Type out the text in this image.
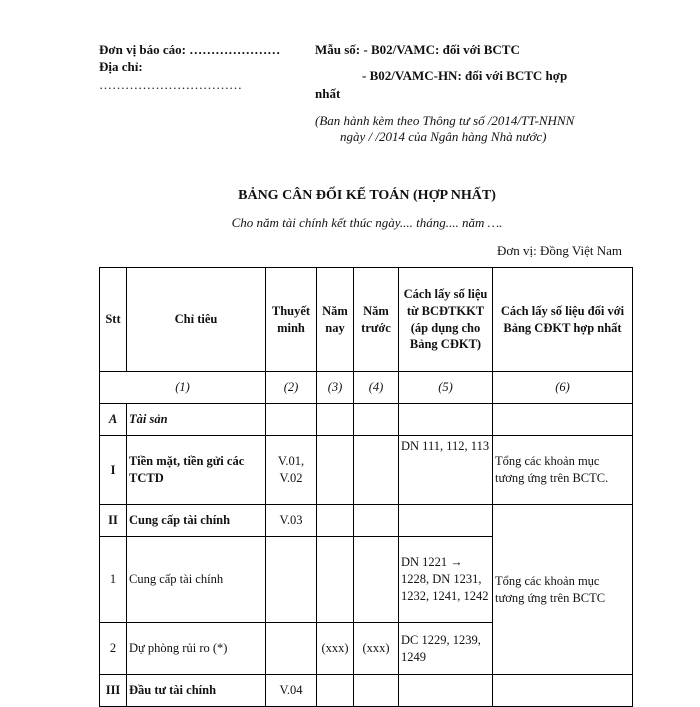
Đơn vị báo cáo: …………………
Địa chỉ:
……………………………
Mẫu số: - B02/VAMC: đối với BCTC
- B02/VAMC-HN: đối với BCTC hợp
nhất
(Ban hành kèm theo Thông tư số /2014/TT-NHNN
ngày / /2014 của Ngân hàng Nhà nước)
BẢNG CÂN ĐỐI KẾ TOÁN (HỢP NHẤT)
Cho năm tài chính kết thúc ngày.... tháng.... năm ….
Đơn vị: Đồng Việt Nam
Stt	Chỉ tiêu	Thuyết minh	Năm nay	Năm trước	Cách lấy số liệu từ BCĐTKKT (áp dụng cho Bảng CĐKT)	Cách lấy số liệu đối với Bảng CĐKT hợp nhất
(1)		(2)	(3)	(4)	(5)	(6)
A	Tài sản					
I	Tiền mặt, tiền gửi các TCTD	V.01, V.02			DN 111, 112, 113	Tổng các khoản mục tương ứng trên BCTC.
II	Cung cấp tài chính	V.03				Tổng các khoản mục tương ứng trên BCTC
1	Cung cấp tài chính				DN 1221 → 1228, DN 1231, 1232, 1241, 1242	
2	Dự phòng rủi ro (*)		(xxx)	(xxx)	DC 1229, 1239, 1249	
III	Đầu tư tài chính	V.04				
